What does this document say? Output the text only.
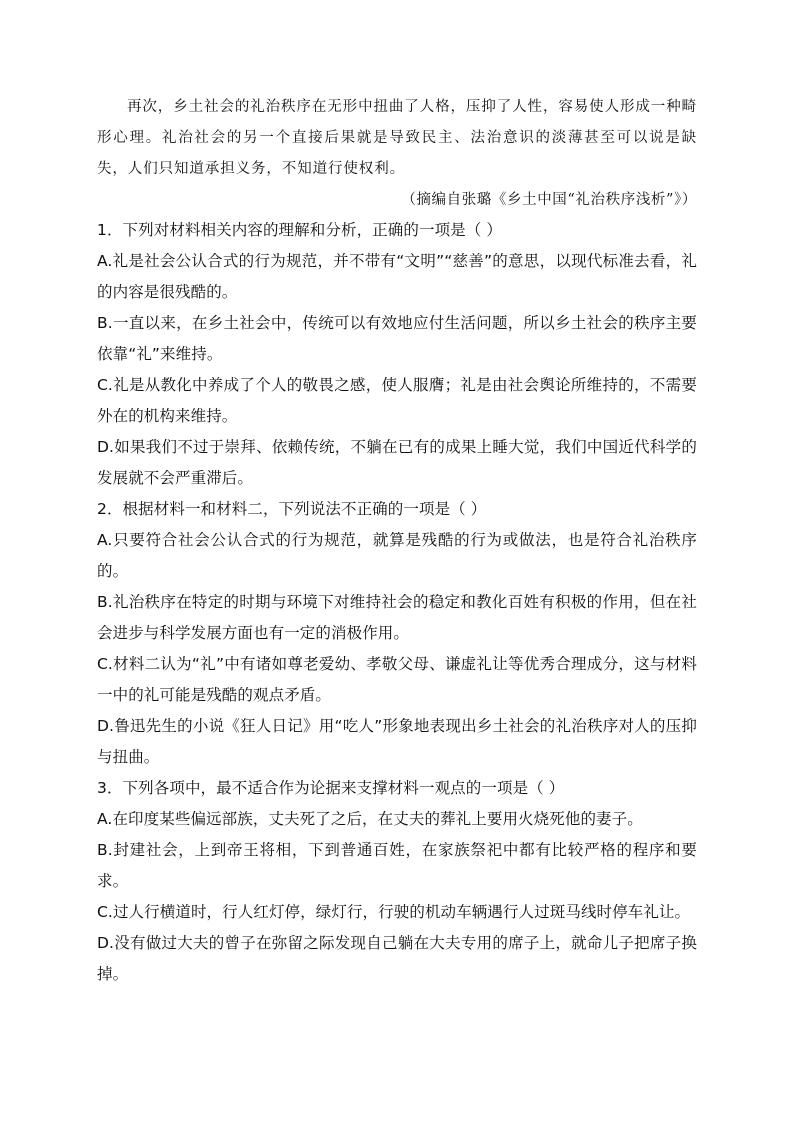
再次，乡土社会的礼治秩序在无形中扭曲了人格，压抑了人性，容易使人形成一种畸形心理。礼治社会的另一个直接后果就是导致民主、法治意识的淡薄甚至可以说是缺失，人们只知道承担义务，不知道行使权利。

（摘编自张璐《乡土中国“礼治秩序浅析”》）

1．下列对材料相关内容的理解和分析，正确的一项是（ ）

A.礼是社会公认合式的行为规范，并不带有“文明”“慈善”的意思，以现代标准去看，礼的内容是很残酷的。

B.一直以来，在乡土社会中，传统可以有效地应付生活问题，所以乡土社会的秩序主要依靠“礼”来维持。

C.礼是从教化中养成了个人的敬畏之感，使人服膺；礼是由社会舆论所维持的，不需要外在的机构来维持。

D.如果我们不过于崇拜、依赖传统，不躺在已有的成果上睡大觉，我们中国近代科学的发展就不会严重滞后。

2．根据材料一和材料二，下列说法不正确的一项是（ ）

A.只要符合社会公认合式的行为规范，就算是残酷的行为或做法，也是符合礼治秩序的。

B.礼治秩序在特定的时期与环境下对维持社会的稳定和教化百姓有积极的作用，但在社会进步与科学发展方面也有一定的消极作用。

C.材料二认为“礼”中有诸如尊老爱幼、孝敬父母、谦虚礼让等优秀合理成分，这与材料一中的礼可能是残酷的观点矛盾。

D.鲁迅先生的小说《狂人日记》用“吃人”形象地表现出乡土社会的礼治秩序对人的压抑与扭曲。

3．下列各项中，最不适合作为论据来支撑材料一观点的一项是（ ）

A.在印度某些偏远部族，丈夫死了之后，在丈夫的葬礼上要用火烧死他的妻子。

B.封建社会，上到帝王将相，下到普通百姓，在家族祭祀中都有比较严格的程序和要求。

C.过人行横道时，行人红灯停，绿灯行，行驶的机动车辆遇行人过斑马线时停车礼让。

D.没有做过大夫的曾子在弥留之际发现自己躺在大夫专用的席子上，就命儿子把席子换掉。
